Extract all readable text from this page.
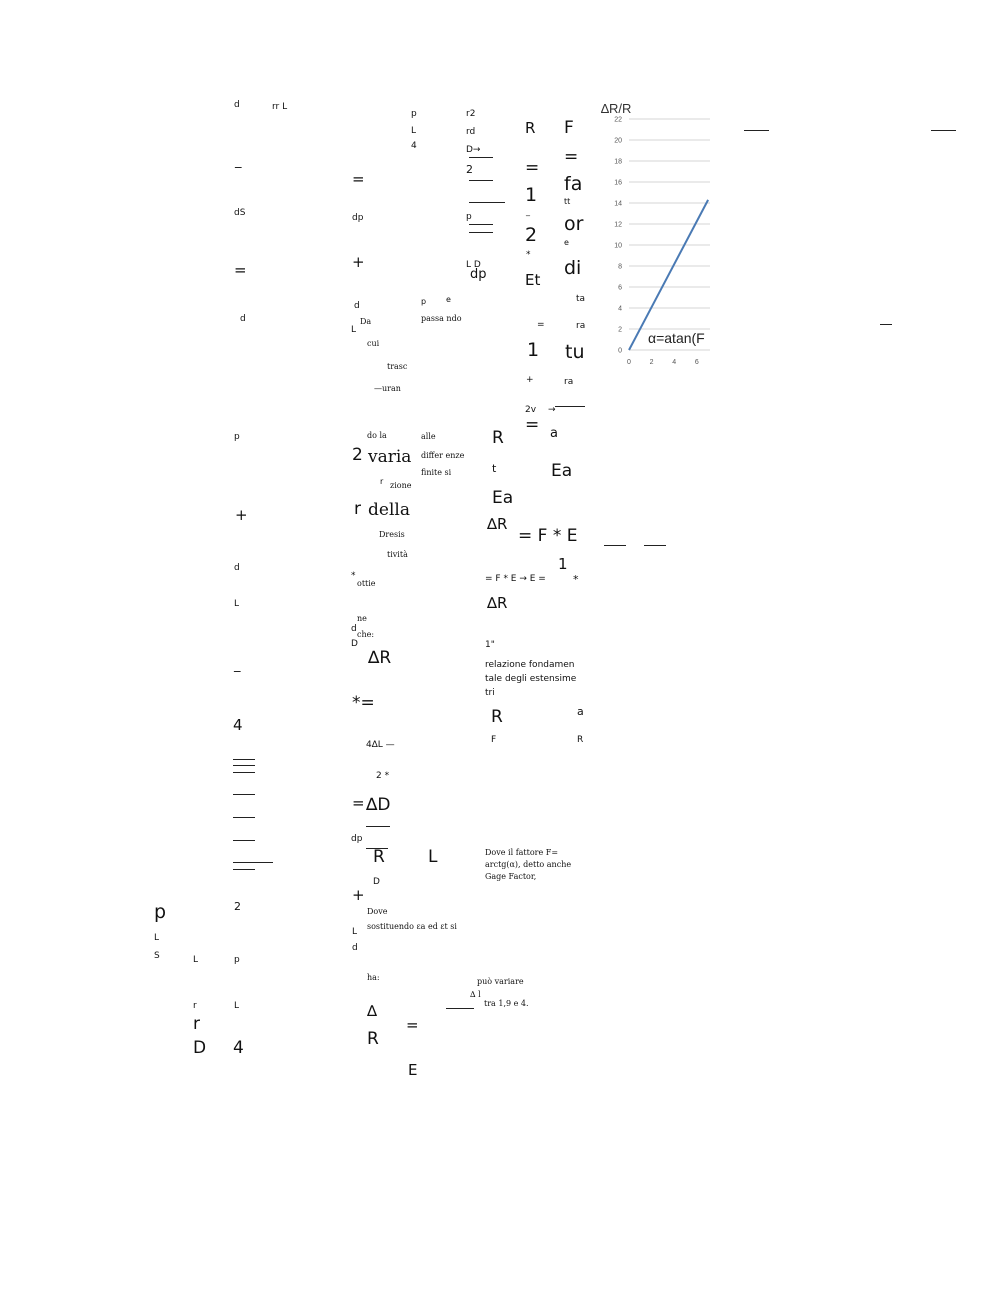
d	rr L
_
dS
=
d
p
+
d
L
_
4
2
p
L
S	L	p
r	L
r
D 4
p
L
4
r2
rd
D→
2
=
dp	p
+	L D
dp
d
L
p e
Da	passa ndo
cui
trasc
—uran
do la	alle
2 varia differ enze
finite si
r zione
r della
Dresis
tività
*
ottie
ne
d
che:
D
∆R
*=
4∆L —
2 *
= ∆D
dp
R	L
D
+
Dove
sostituendo εa ed εt si
L
d
ha:
∆
R
=
E
R F
=
=
fa
1	tt
_
or
2	e
*
di
Et
ta
=	ra
1 tu
+	ra
2v →
= a
R
t	Ea
Ea
∆R
= F * E
1
= F * E → E = *
∆R
1"
relazione fondamen
tale degli estensime
tri
a
R
F	R
Dove il fattore F=
arctg(α), detto anche
Gage Factor,
può variare
∆ l
tra 1,9 e 4.
∆R/R
0
2
4
6
8
10
12
14
16
18
20
22
0	2	4	6
α=atan(F
